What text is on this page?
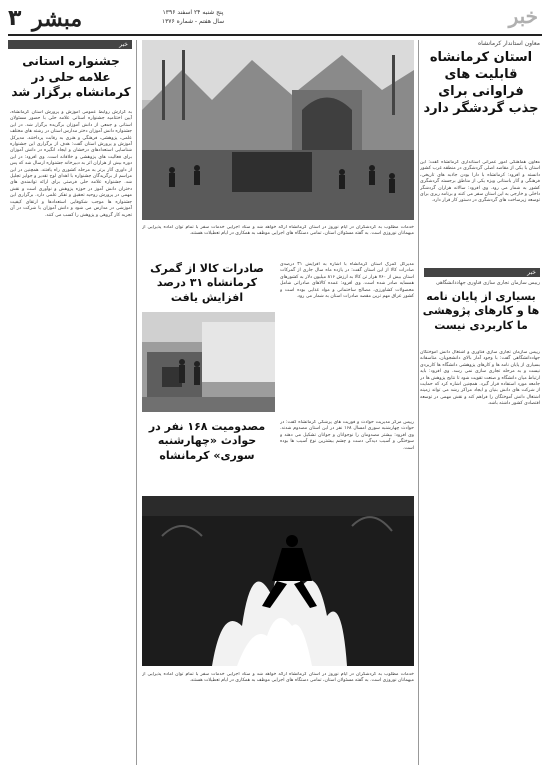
۳ مبشر	پنج شنبه ۲۴ اسفند ۱۳۹۶
سال هفتم - شماره ۱۳۷۶	خبر
معاون استاندار کرمانشاه
استان کرمانشاه قابلیت های فراوانی برای جذب گردشگر دارد
معاون هماهنگی امور عمرانی استانداری کرمانشاه گفت: این استان با یکی از مقاصد اصلی گردشگری در منطقه غرب کشور دانسته و افزود: کرمانشاه با دارا بودن جاذبه های تاریخی، فرهنگی و آثار باستانی ویژه یکی از مناطق برجسته گردشگری کشور به شمار می رود. وی افزود: سالانه هزاران گردشگر داخلی و خارجی به این استان سفر می کنند و برنامه ریزی برای توسعه زیرساخت های گردشگری در دستور کار قرار دارد.
خبر
رییس سازمان تجاری سازی فناوری جهاددانشگاهی
بسیاری از پایان نامه ها و کارهای پژوهشی ما کاربردی نیست
رییس سازمان تجاری سازی فناوری و اشتغال دانش آموختگان جهاددانشگاهی گفت: با وجود آمار بالای دانشجویان، متاسفانه بسیاری از پایان نامه ها و کارهای پژوهشی دانشگاه ها کاربردی نیست و به مرحله تجاری سازی نمی رسد. وی افزود: باید ارتباط میان دانشگاه و صنعت تقویت شود تا نتایج پژوهش ها در جامعه مورد استفاده قرار گیرد. همچنین اشاره کرد که حمایت از شرکت های دانش بنیان و ایجاد مراکز رشد می تواند زمینه اشتغال دانش آموختگان را فراهم کند و نقش مهمی در توسعه اقتصادی کشور داشته باشد.
خدمات مطلوب به گردشگران در ایام نوروز در استان کرمانشاه ارائه خواهد شد و ستاد اجرایی خدمات سفر با تمام توان آماده پذیرایی از میهمانان نوروزی است. به گفته مسئولان استان، تمامی دستگاه های اجرایی موظف به همکاری در ایام تعطیلات هستند.
صادرات کالا از گمرک کرمانشاه ۳۱ درصد افزایش یافت
مدیرکل گمرک استان کرمانشاه با اشاره به افزایش ۳۱ درصدی صادرات کالا از این استان گفت: در یازده ماه سال جاری از گمرکات استان بیش از ۷۶۰ هزار تن کالا به ارزش ۸۱۶ میلیون دلار به کشورهای همسایه صادر شده است. وی افزود: عمده کالاهای صادراتی شامل محصولات کشاورزی، مصالح ساختمانی و مواد غذایی بوده است و کشور عراق مهم ترین مقصد صادرات استان به شمار می رود.
مصدومیت ۱۶۸ نفر در حوادث «چهارشنبه سوری» کرمانشاه
رییس مرکز مدیریت حوادث و فوریت های پزشکی کرمانشاه گفت: در حوادث چهارشنبه سوری امسال ۱۶۸ نفر در این استان مصدوم شدند. وی افزود: بیشتر مصدومان را نوجوانان و جوانان تشکیل می دهند و سوختگی و آسیب دیدگی دست و چشم بیشترین نوع آسیب ها بوده است.
خدمات مطلوب به گردشگران در ایام نوروز در استان کرمانشاه ارائه خواهد شد و ستاد اجرایی خدمات سفر با تمام توان آماده پذیرایی از میهمانان نوروزی است. به گفته مسئولان استان، تمامی دستگاه های اجرایی موظف به همکاری در ایام تعطیلات هستند.
خبر
جشنواره استانی علامه حلی در کرمانشاه برگزار شد
به گزارش روابط عمومی آموزش و پرورش استان کرمانشاه، آیین اختتامیه جشنواره استانی علامه حلی با حضور مسئولان استانی و جمعی از دانش آموزان برگزیده برگزار شد. در این جشنواره دانش آموزان دختر مدارس استان در رشته های مختلف علمی، پژوهشی، فرهنگی و هنری به رقابت پرداختند. مدیرکل آموزش و پرورش استان گفت: هدف از برگزاری این جشنواره شناسایی استعدادهای درخشان و ایجاد انگیزه در دانش آموزان برای فعالیت های پژوهشی و خلاقانه است. وی افزود: در این دوره بیش از هزاران اثر به دبیرخانه جشنواره ارسال شد که پس از داوری آثار برتر به مرحله کشوری راه یافتند. همچنین در این مراسم از برگزیدگان جشنواره با اهدای لوح تقدیر و جوایز تجلیل شد. جشنواره علامه حلی فرصتی برای ارائه توانمندی های دختران دانش آموز در حوزه پژوهش و نوآوری است و نقش مهمی در پرورش روحیه تحقیق و تفکر علمی دارد. برگزاری این جشنواره ها موجب شکوفایی استعدادها و ارتقای کیفیت آموزشی در مدارس می شود و دانش آموزان با شرکت در آن تجربه کار گروهی و پژوهش را کسب می کنند.
